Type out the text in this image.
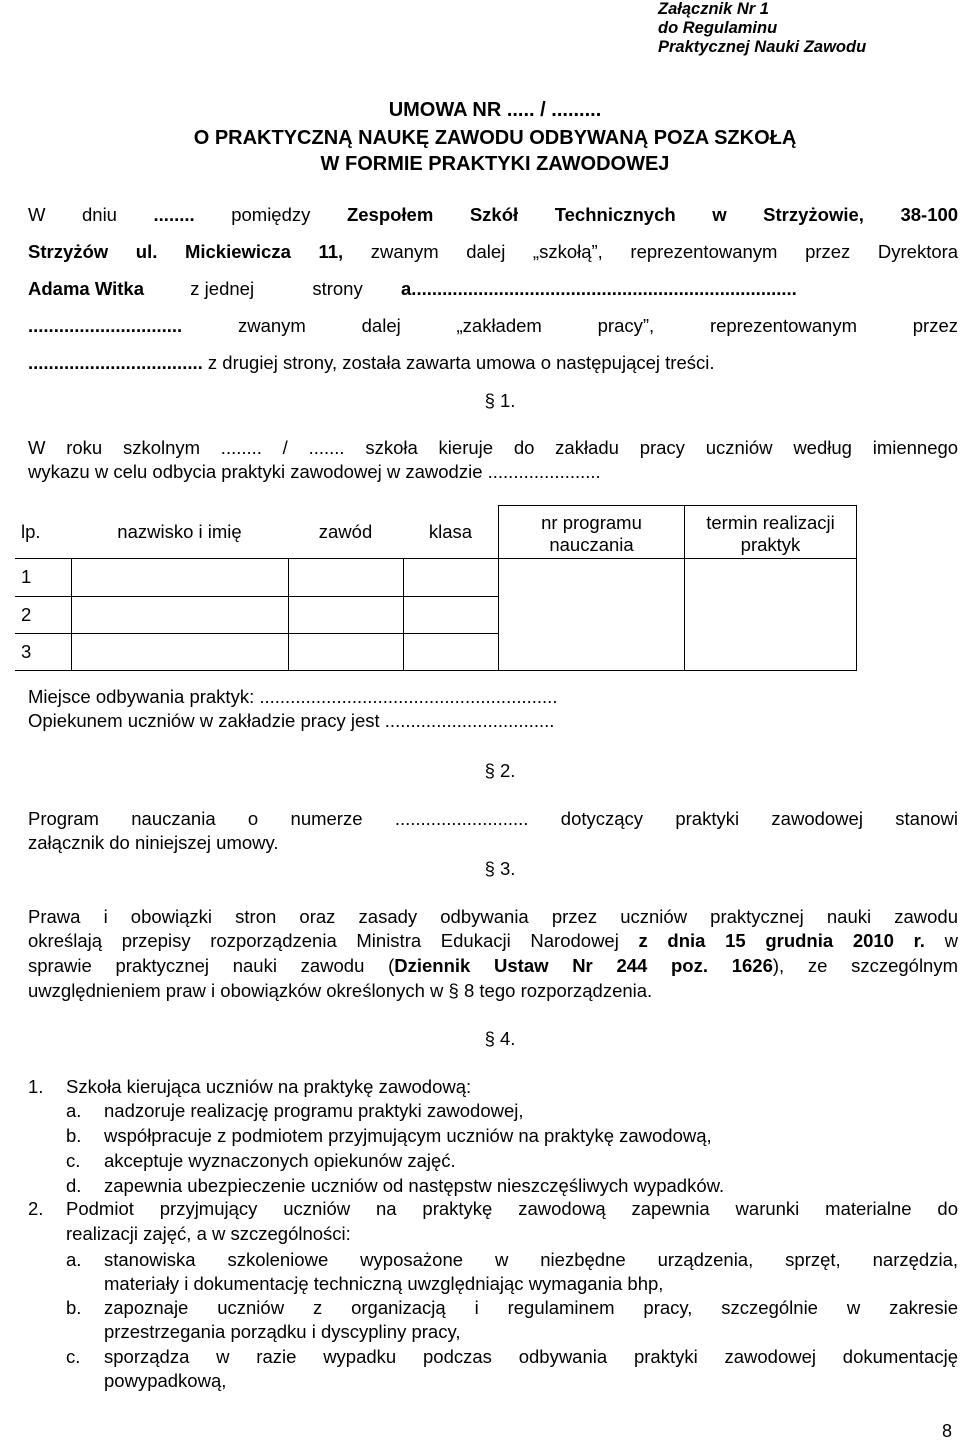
Załącznik Nr 1
do Regulaminu
Praktycznej Nauki Zawodu
UMOWA NR ..... / .........
O PRAKTYCZNĄ NAUKĘ ZAWODU ODBYWANĄ POZA SZKOŁĄ
W FORMIE PRAKTYKI ZAWODOWEJ
W dniu ........ pomiędzy Zespołem Szkół Technicznych w Strzyżowie, 38-100
Strzyżów ul. Mickiewicza 11, zwanym dalej „szkołą”, reprezentowanym przez Dyrektora
Adama Witka	z jednej	strony a...........................................................................
..............................	zwanym	dalej	„zakładem pracy”,	reprezentowanym	przez
.................................. z drugiej strony, została zawarta umowa o następującej treści.
§ 1.
W roku szkolnym ........ / ....... szkoła kieruje do zakładu pracy uczniów według imiennego
wykazu w celu odbycia praktyki zawodowej w zawodzie ......................
lp.	nazwisko i imię	zawód	klasa	nr programu nauczania	termin realizacji praktyk
1					
2					
3					
Miejsce odbywania praktyk: ..........................................................
Opiekunem uczniów w zakładzie pracy jest .................................
§ 2.
Program nauczania o numerze .......................... dotyczący praktyki zawodowej stanowi
załącznik do niniejszej umowy.
§ 3.
Prawa i obowiązki stron oraz zasady odbywania przez uczniów praktycznej nauki zawodu
określają przepisy rozporządzenia Ministra Edukacji Narodowej z dnia 15 grudnia 2010 r. w
sprawie praktycznej nauki zawodu (Dziennik Ustaw Nr 244 poz. 1626), ze szczególnym
uwzględnieniem praw i obowiązków określonych w § 8 tego rozporządzenia.
§ 4.
1. Szkoła kierująca uczniów na praktykę zawodową:
a. nadzoruje realizację programu praktyki zawodowej,
b. współpracuje z podmiotem przyjmującym uczniów na praktykę zawodową,
c. akceptuje wyznaczonych opiekunów zajęć.
d. zapewnia ubezpieczenie uczniów od następstw nieszczęśliwych wypadków.
2. Podmiot przyjmujący uczniów na praktykę zawodową zapewnia warunki materialne do
realizacji zajęć, a w szczególności:
a. stanowiska szkoleniowe wyposażone w niezbędne urządzenia, sprzęt, narzędzia,
materiały i dokumentację techniczną uwzględniając wymagania bhp,
b. zapoznaje uczniów z organizacją i regulaminem pracy, szczególnie w zakresie
przestrzegania porządku i dyscypliny pracy,
c. sporządza w razie wypadku podczas odbywania praktyki zawodowej dokumentację
powypadkową,
8
